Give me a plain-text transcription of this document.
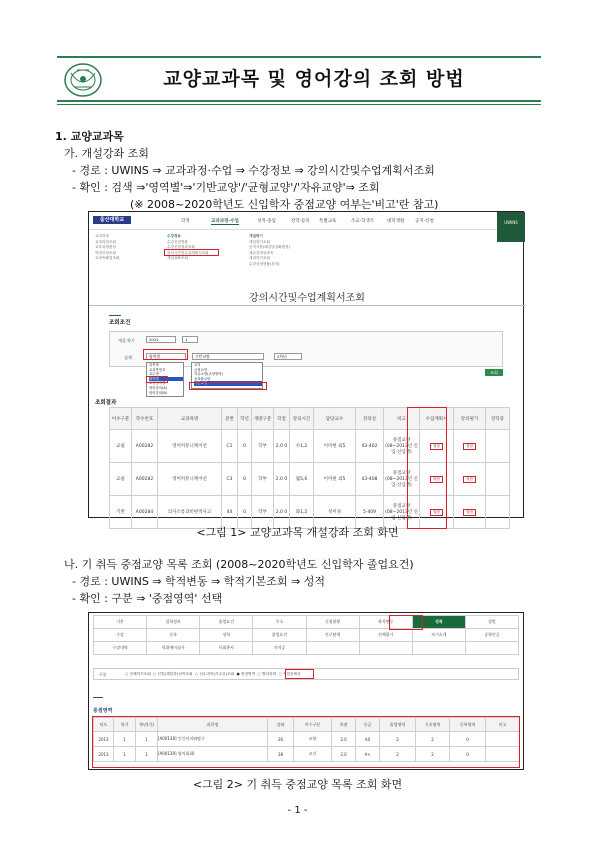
교양교과목 및 영어강의 조회 방법
1. 교양교과목
가. 개설강좌 조회
- 경로 : UWINS ⇒ 교과과정·수업 ⇒ 수강정보 ⇒ 강의시간및수업계획서조회
- 확인 : 검색 ⇒'영역별'⇒'기반교양'/'균형교양'/'자유교양'⇒ 조회
(※ 2008~2020학년도 신입학자 중점교양 여부는'비고'란 참고)
울산대학교	학적	교과과정·수업	성적·졸업	장학·등록 특별교육	조교·학생조	대학생활 공지·신청	UWINS
교과과정
교과과정조회
교육과정편성
학점인정조회
교과목해설조회
수강정보
수강신청현황
수강신청결과조회
강의시간및수업계획서조회
개설강좌조회
개설학기
개설학기조회
공지사항(폐강및강좌변경)
재수강대상과목
계절학기조회
수강신청현황(강의)
강의시간및수업계획서조회
조회조건
개설 학기	2022	1
검색	영역별	기반교양	2학년
과목명
교과목번호
교수명
영역별
교양영역별
영어강의(A)
영어강의(B)
교직
균형교양
자유교양(교양영역)
융복합교양
기반교양
조회
조회결과
이수구분	학수번호	교과목명	분반	학년	개방구분	학점	강의시간	담당교수	강의실	비고	수업계획서	강의평가	장학증
교필	A00282	영어커뮤니케이션	C1	0	학부	2.0 0	수1,2	이미현 외5	43-402	중점교양(08~2013년 신입·신입생)	열람	열람	
교필	A00282	영어커뮤니케이션	C3	0	학부	2.0 0	월5,6	이미현 외5	43-408	중점교양(08~2013년 신입·신입생)	열람	열람	
기반	A00284	의사소통과비판적사고	44	0	학부	2.0 0	화1,2	성미경	5-409	중점교양(08~2013년 신입·신입생)	열람	열람	
<그림 1> 교양교과목 개설강좌 조회 화면
나. 기 취득 중점교양 목록 조회 (2008~2020학년도 신입학자 졸업요건)
- 경로 : UWINS ⇒ 학적변동 ⇒ 학적기본조회 ⇒ 성적
- 확인 : 구분 ⇒ '중점영역' 선택
기본	입학정보	졸업요건	주소	신청현황	학적변동	성적	상벌
수강	등록	장학	졸업요건	진로탐색	전체평가	자기소개	공학인증
수강내역	학위예비심사	사회봉사	자격증				
구분	○ 전체학기조회 ○ 신입(재입학)성적조회 ○ 선수과목(기수강)조회 ● 중점영역 ○ 영어강의 ○ 직업선택성
중점영역
년도	학기	학년(기)	과목명	강좌	이수구분	학점	등급	졸업영역	기초영역	중복영역	비고
2013	1	1	[A00138] 인간의미와탐구	26	교양	2.0	A0	2	2	0	
2013	1	1	[A00139] 영어회화I	38	교선	2.0	A+	2	2	0	
<그림 2> 기 취득 중점교양 목록 조회 화면
- 1 -
